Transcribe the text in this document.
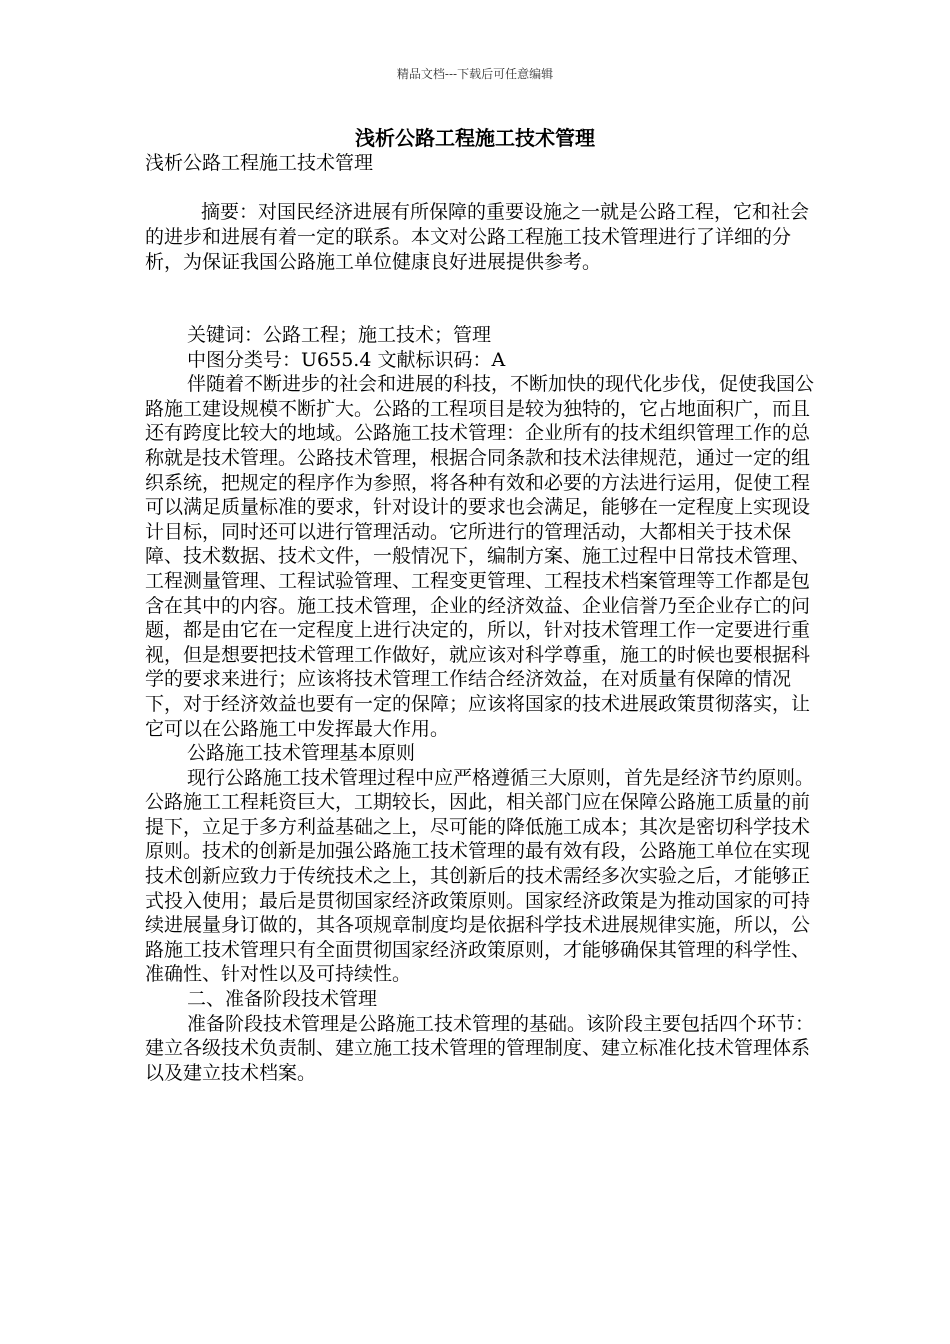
精品文档---下载后可任意编辑
浅析公路工程施工技术管理
浅析公路工程施工技术管理

摘要：对国民经济进展有所保障的重要设施之一就是公路工程，它和社会的进步和进展有着一定的联系。本文对公路工程施工技术管理进行了详细的分析，为保证我国公路施工单位健康良好进展提供参考。

关键词：公路工程；施工技术；管理

中图分类号：U655.4 文献标识码：A

伴随着不断进步的社会和进展的科技，不断加快的现代化步伐，促使我国公路施工建设规模不断扩大。公路的工程项目是较为独特的，它占地面积广，而且还有跨度比较大的地域。公路施工技术管理：企业所有的技术组织管理工作的总称就是技术管理。公路技术管理，根据合同条款和技术法律规范，通过一定的组织系统，把规定的程序作为参照，将各种有效和必要的方法进行运用，促使工程可以满足质量标准的要求，针对设计的要求也会满足，能够在一定程度上实现设计目标，同时还可以进行管理活动。它所进行的管理活动，大都相关于技术保障、技术数据、技术文件，一般情况下，编制方案、施工过程中日常技术管理、工程测量管理、工程试验管理、工程变更管理、工程技术档案管理等工作都是包含在其中的内容。施工技术管理，企业的经济效益、企业信誉乃至企业存亡的问题，都是由它在一定程度上进行决定的，所以，针对技术管理工作一定要进行重视，但是想要把技术管理工作做好，就应该对科学尊重，施工的时候也要根据科学的要求来进行；应该将技术管理工作结合经济效益，在对质量有保障的情况下，对于经济效益也要有一定的保障；应该将国家的技术进展政策贯彻落实，让它可以在公路施工中发挥最大作用。

公路施工技术管理基本原则

现行公路施工技术管理过程中应严格遵循三大原则，首先是经济节约原则。公路施工工程耗资巨大，工期较长，因此，相关部门应在保障公路施工质量的前提下，立足于多方利益基础之上，尽可能的降低施工成本；其次是密切科学技术原则。技术的创新是加强公路施工技术管理的最有效有段，公路施工单位在实现技术创新应致力于传统技术之上，其创新后的技术需经多次实验之后，才能够正式投入使用；最后是贯彻国家经济政策原则。国家经济政策是为推动国家的可持续进展量身订做的，其各项规章制度均是依据科学技术进展规律实施，所以，公路施工技术管理只有全面贯彻国家经济政策原则，才能够确保其管理的科学性、准确性、针对性以及可持续性。

二、准备阶段技术管理

准备阶段技术管理是公路施工技术管理的基础。该阶段主要包括四个环节：建立各级技术负责制、建立施工技术管理的管理制度、建立标准化技术管理体系以及建立技术档案。
